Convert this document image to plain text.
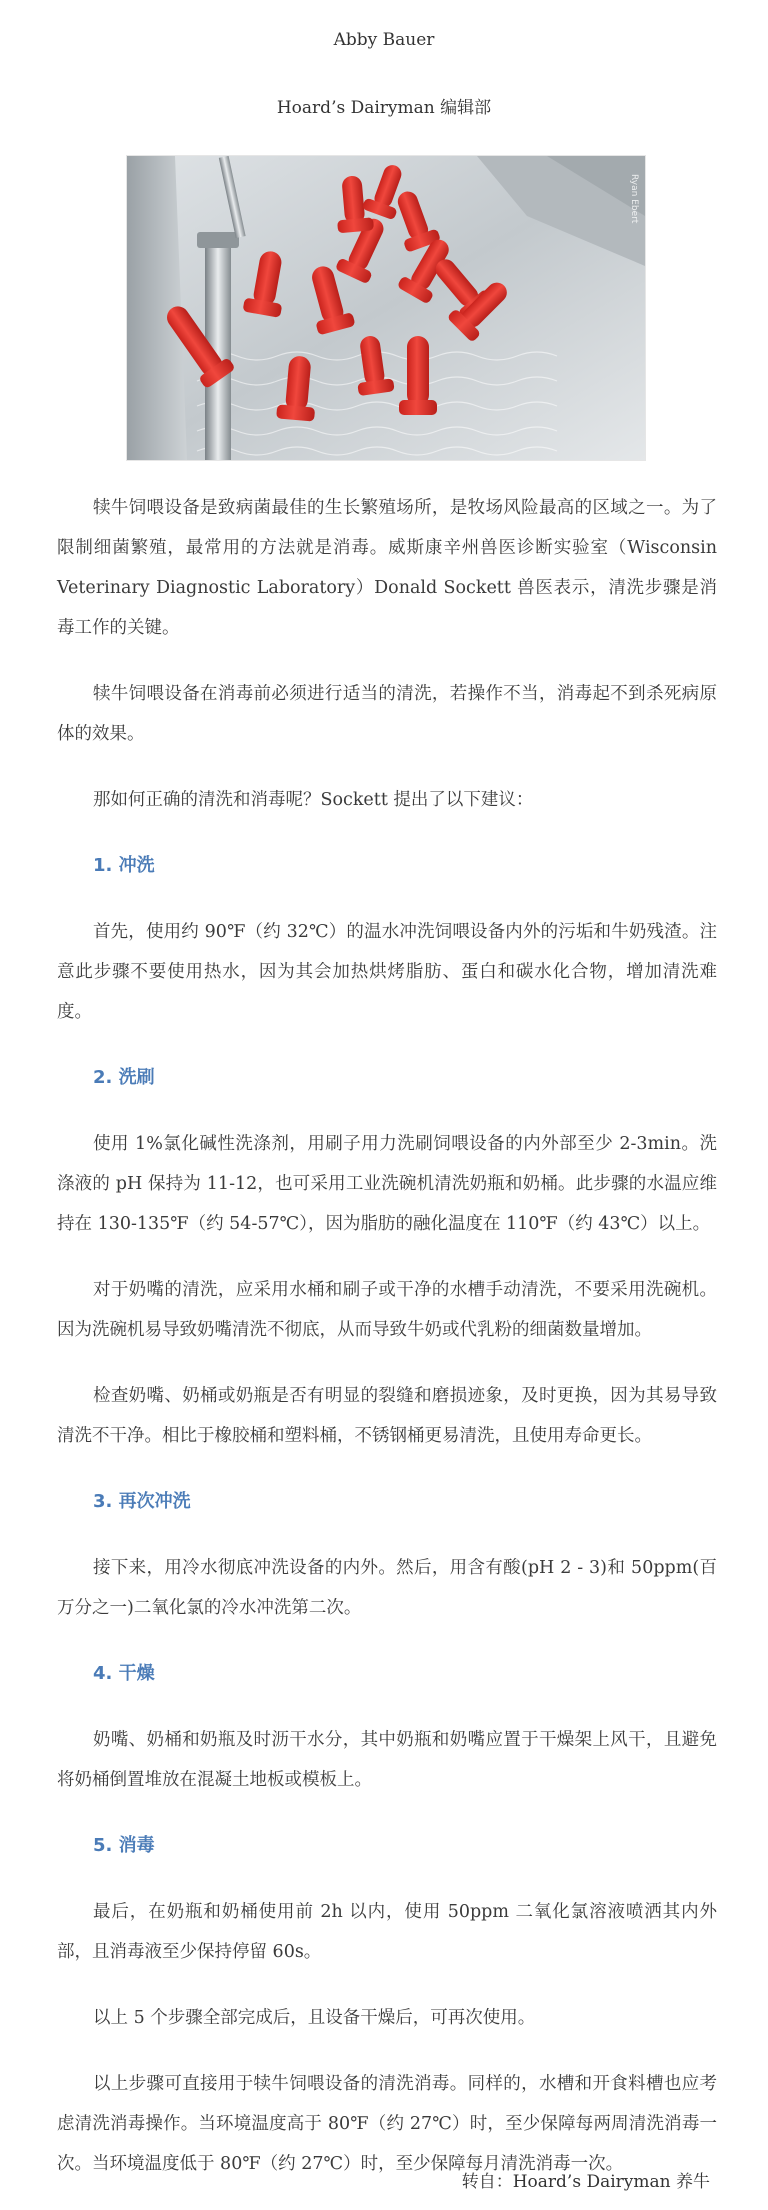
Abby Bauer
Hoard’s Dairyman 编辑部
Ryan Ebert

犊牛饲喂设备是致病菌最佳的生长繁殖场所，是牧场风险最高的区域之一。为了限制细菌繁殖，最常用的方法就是消毒。威斯康辛州兽医诊断实验室（Wisconsin Veterinary Diagnostic Laboratory）Donald Sockett 兽医表示，清洗步骤是消毒工作的关键。

犊牛饲喂设备在消毒前必须进行适当的清洗，若操作不当，消毒起不到杀死病原体的效果。

那如何正确的清洗和消毒呢？Sockett 提出了以下建议：

1. 冲洗

首先，使用约 90℉（约 32℃）的温水冲洗饲喂设备内外的污垢和牛奶残渣。注意此步骤不要使用热水，因为其会加热烘烤脂肪、蛋白和碳水化合物，增加清洗难度。

2. 洗刷

使用 1%氯化碱性洗涤剂，用刷子用力洗刷饲喂设备的内外部至少 2-3min。洗涤液的 pH 保持为 11-12，也可采用工业洗碗机清洗奶瓶和奶桶。此步骤的水温应维持在 130-135℉（约 54-57℃），因为脂肪的融化温度在 110℉（约 43℃）以上。

对于奶嘴的清洗，应采用水桶和刷子或干净的水槽手动清洗，不要采用洗碗机。因为洗碗机易导致奶嘴清洗不彻底，从而导致牛奶或代乳粉的细菌数量增加。

检查奶嘴、奶桶或奶瓶是否有明显的裂缝和磨损迹象，及时更换，因为其易导致清洗不干净。相比于橡胶桶和塑料桶，不锈钢桶更易清洗，且使用寿命更长。

3. 再次冲洗

接下来，用冷水彻底冲洗设备的内外。然后，用含有酸(pH 2 - 3)和 50ppm(百万分之一)二氧化氯的冷水冲洗第二次。

4. 干燥

奶嘴、奶桶和奶瓶及时沥干水分，其中奶瓶和奶嘴应置于干燥架上风干，且避免将奶桶倒置堆放在混凝土地板或模板上。

5. 消毒

最后，在奶瓶和奶桶使用前 2h 以内，使用 50ppm 二氧化氯溶液喷洒其内外部，且消毒液至少保持停留 60s。

以上 5 个步骤全部完成后，且设备干燥后，可再次使用。

以上步骤可直接用于犊牛饲喂设备的清洗消毒。同样的，水槽和开食料槽也应考虑清洗消毒操作。当环境温度高于 80℉（约 27℃）时，至少保障每两周清洗消毒一次。当环境温度低于 80℉（约 27℃）时，至少保障每月清洗消毒一次。

转自：Hoard’s Dairyman 养牛
